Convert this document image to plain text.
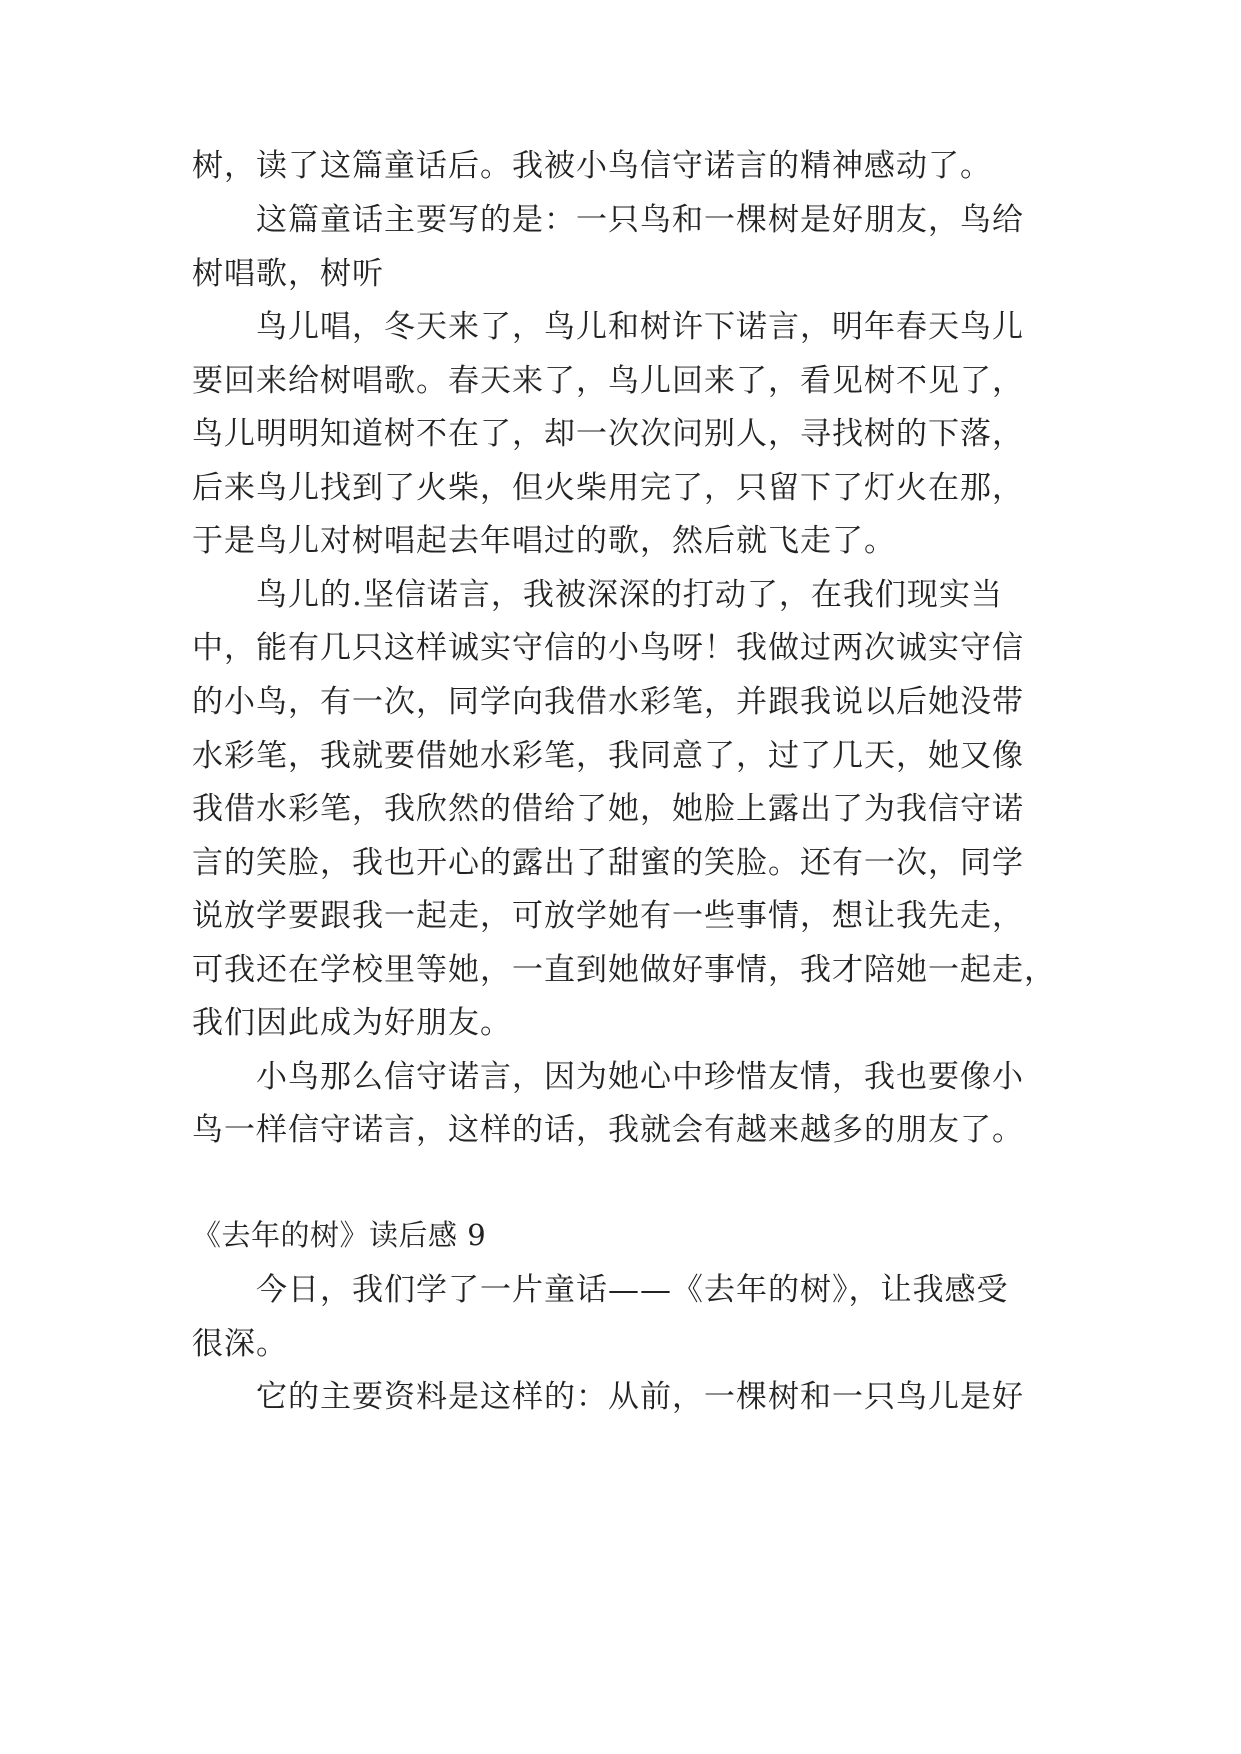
树，读了这篇童话后。我被小鸟信守诺言的精神感动了。
这篇童话主要写的是：一只鸟和一棵树是好朋友，鸟给
树唱歌，树听
鸟儿唱，冬天来了，鸟儿和树许下诺言，明年春天鸟儿
要回来给树唱歌。春天来了，鸟儿回来了，看见树不见了，
鸟儿明明知道树不在了，却一次次问别人，寻找树的下落，
后来鸟儿找到了火柴，但火柴用完了，只留下了灯火在那，
于是鸟儿对树唱起去年唱过的歌，然后就飞走了。
鸟儿的.坚信诺言，我被深深的打动了，在我们现实当
中，能有几只这样诚实守信的小鸟呀！我做过两次诚实守信
的小鸟，有一次，同学向我借水彩笔，并跟我说以后她没带
水彩笔，我就要借她水彩笔，我同意了，过了几天，她又像
我借水彩笔，我欣然的借给了她，她脸上露出了为我信守诺
言的笑脸，我也开心的露出了甜蜜的笑脸。还有一次，同学
说放学要跟我一起走，可放学她有一些事情，想让我先走，
可我还在学校里等她，一直到她做好事情，我才陪她一起走，
我们因此成为好朋友。
小鸟那么信守诺言，因为她心中珍惜友情，我也要像小
鸟一样信守诺言，这样的话，我就会有越来越多的朋友了。
《去年的树》读后感 9
今日，我们学了一片童话——《去年的树》，让我感受
很深。
它的主要资料是这样的：从前，一棵树和一只鸟儿是好
